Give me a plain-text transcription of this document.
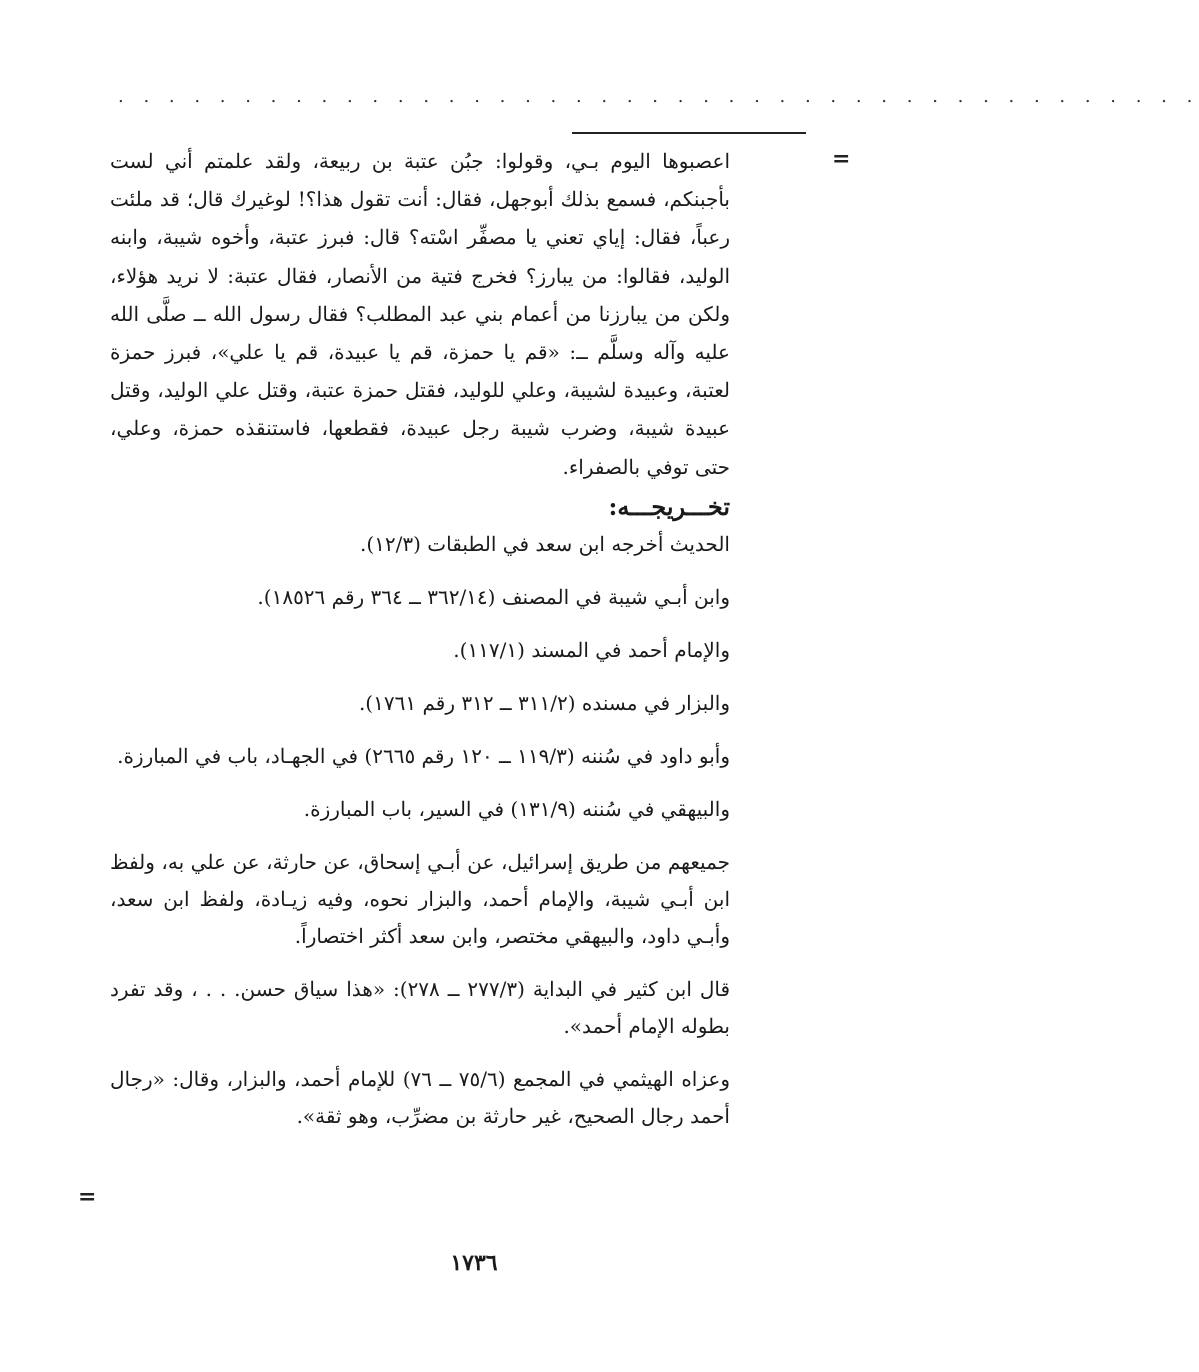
. . . . . . . . . . . . . . . . . . . . . . . . . . . . . . . . . . . . . . . . . . .
=

اعصبوها اليوم بـي، وقولوا: جبُن عتبة بن ربيعة، ولقد علمتم أني لست بأجبنكم، فسمع بذلك أبوجهل، فقال: أنت تقول هذا؟! لوغيرك قال؛ قد ملئت رعباً، فقال: إياي تعني يا مصفِّر اسْته؟ قال: فبرز عتبة، وأخوه شيبة، وابنه الوليد، فقالوا: من يبارز؟ فخرج فتية من الأنصار، فقال عتبة: لا نريد هؤلاء، ولكن من يبارزنا من أعمام بني عبد المطلب؟ فقال رسول الله ــ صلَّى الله عليه وآله وسلَّم ــ: «قم يا حمزة، قم يا عبيدة، قم يا علي»، فبرز حمزة لعتبة، وعبيدة لشيبة، وعلي للوليد، فقتل حمزة عتبة، وقتل علي الوليد، وقتل عبيدة شيبة، وضرب شيبة رجل عبيدة، فقطعها، فاستنقذه حمزة، وعلي، حتى توفي بالصفراء.

تخـــريجـــه:

الحديث أخرجه ابن سعد في الطبقات (١٢/٣).

وابن أبـي شيبة في المصنف (٣٦٢/١٤ ــ ٣٦٤ رقم ١٨٥٢٦).

والإمام أحمد في المسند (١١٧/١).

والبزار في مسنده (٣١١/٢ ــ ٣١٢ رقم ١٧٦١).

وأبو داود في سُننه (١١٩/٣ ــ ١٢٠ رقم ٢٦٦٥) في الجهـاد، باب في المبارزة.

والبيهقي في سُننه (١٣١/٩) في السير، باب المبارزة.

جميعهم من طريق إسرائيل، عن أبـي إسحاق، عن حارثة، عن علي به، ولفظ ابن أبـي شيبة، والإمام أحمد، والبزار نحوه، وفيه زيـادة، ولفظ ابن سعد، وأبـي داود، والبيهقي مختصر، وابن سعد أكثر اختصاراً.

قال ابن كثير في البداية (٢٧٧/٣ ــ ٢٧٨): «هذا سياق حسن. . . ، وقد تفرد بطوله الإمام أحمد».

وعزاه الهيثمي في المجمع (٧٥/٦ ــ ٧٦) للإمام أحمد، والبزار، وقال: «رجال أحمد رجال الصحيح، غير حارثة بن مضرِّب، وهو ثقة».

=
١٧٣٦
